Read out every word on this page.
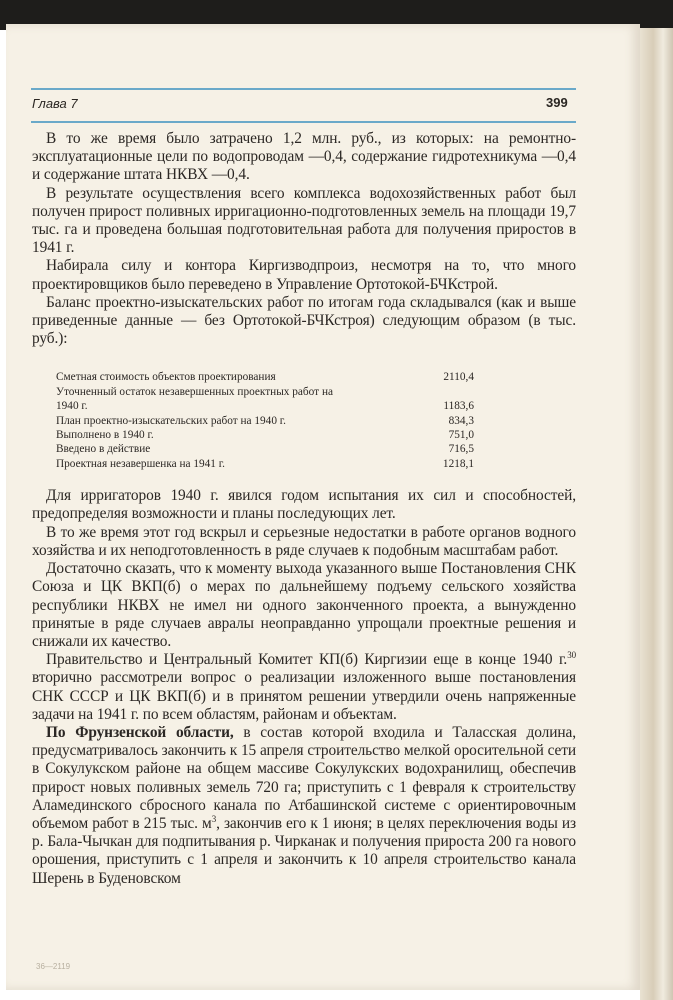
Глава 7	399

В то же время было затрачено 1,2 млн. руб., из которых: на ремонтно-эксплуатационные цели по водопроводам —0,4, содержание гидротехникума —0,4 и содержание штата НКВХ —0,4.

В результате осуществления всего комплекса водохозяйственных работ был получен прирост поливных ирригационно-подготовленных земель на площади 19,7 тыс. га и проведена большая подготовительная работа для получения приростов в 1941 г.

Набирала силу и контора Киргизводпроиз, несмотря на то, что много проектировщиков было переведено в Управление Ортотокой-БЧКстрой.

Баланс проектно-изыскательских работ по итогам года складывался (как и выше приведенные данные — без Ортотокой-БЧКстроя) следующим образом (в тыс. руб.):

Сметная стоимость объектов проектирования	2110,4
Уточненный остаток незавершенных проектных работ на 1940 г.	1183,6
План проектно-изыскательских работ на 1940 г.	834,3
Выполнено в 1940 г.	751,0
Введено в действие	716,5
Проектная незавершенка на 1941 г.	1218,1

Для ирригаторов 1940 г. явился годом испытания их сил и способностей, предопределяя возможности и планы последующих лет.

В то же время этот год вскрыл и серьезные недостатки в работе органов водного хозяйства и их неподготовленность в ряде случаев к подобным масштабам работ.

Достаточно сказать, что к моменту выхода указанного выше Постановления СНК Союза и ЦК ВКП(б) о мерах по дальнейшему подъему сельского хозяйства республики НКВХ не имел ни одного законченного проекта, а вынужденно принятые в ряде случаев авралы неоправданно упрощали проектные решения и снижали их качество.

Правительство и Центральный Комитет КП(б) Киргизии еще в конце 1940 г.$^{30}$ вторично рассмотрели вопрос о реализации изложенного выше постановления СНК СССР и ЦК ВКП(б) и в принятом решении утвердили очень напряженные задачи на 1941 г. по всем областям, районам и объектам.

По Фрунзенской области, в состав которой входила и Таласская долина, предусматривалось закончить к 15 апреля строительство мелкой оросительной сети в Сокулукском районе на общем массиве Сокулукских водохранилищ, обеспечив прирост новых поливных земель 720 га; приступить с 1 февраля к строительству Аламединского сбросного канала по Атбашинской системе с ориентировочным объемом работ в 215 тыс. $м^3$, закончив его к 1 июня; в целях переключения воды из р. Бала-Чычкан для подпитывания р. Чирканак и получения прироста 200 га нового орошения, приступить с 1 апреля и закончить к 10 апреля строительство канала Шерень в Буденовском

36—2119
